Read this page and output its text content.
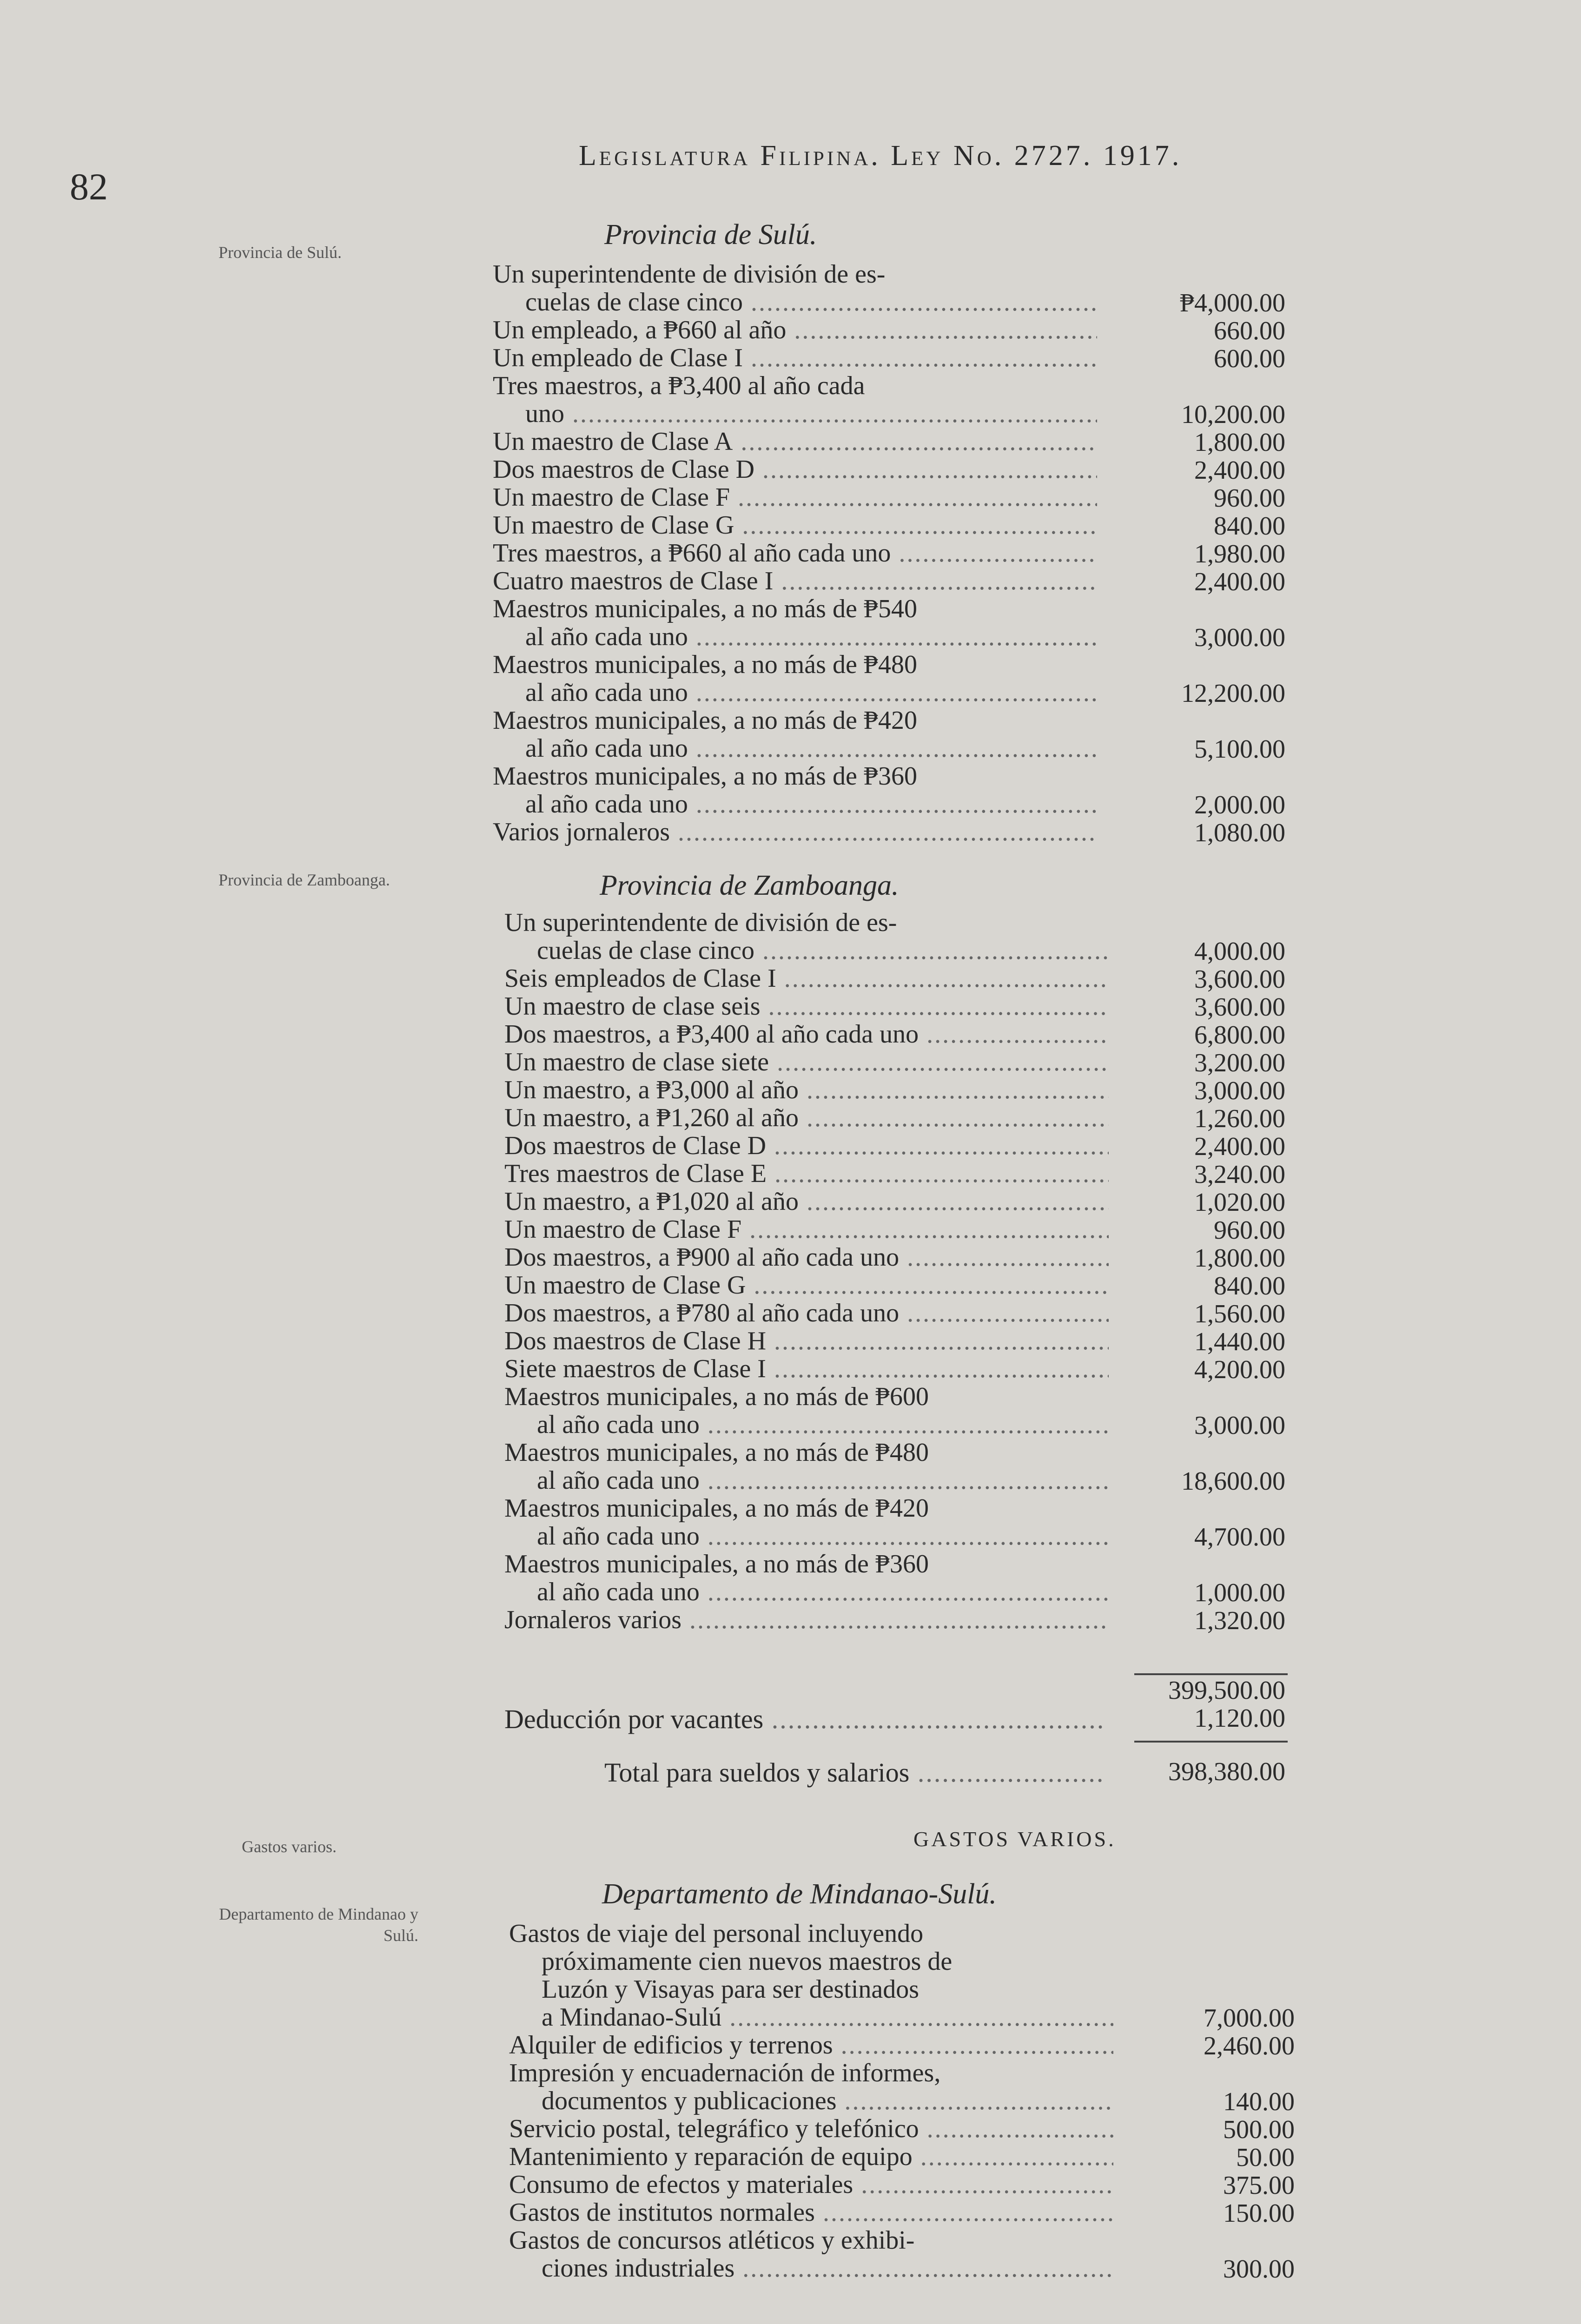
82
Legislatura Filipina. Ley No. 2727. 1917.
Provincia de Sulú.
Provincia de Zamboanga.
Gastos varios.
Departamento de Mindanao y Sulú.
Provincia de Sulú.
Provincia de Zamboanga.
GASTOS VARIOS.
Departamento de Mindanao-Sulú.
Un superintendente de división de es-
cuelas de clase cinco .....	₱4,000.00
Un empleado, a ₱660 al año .....	660.00
Un empleado de Clase I .....	600.00
Tres maestros, a ₱3,400 al año cada
uno .....	10,200.00
Un maestro de Clase A .....	1,800.00
Dos maestros de Clase D .....	2,400.00
Un maestro de Clase F .....	960.00
Un maestro de Clase G .....	840.00
Tres maestros, a ₱660 al año cada uno .....	1,980.00
Cuatro maestros de Clase I .....	2,400.00
Maestros municipales, a no más de ₱540
al año cada uno .....	3,000.00
Maestros municipales, a no más de ₱480
al año cada uno .....	12,200.00
Maestros municipales, a no más de ₱420
al año cada uno .....	5,100.00
Maestros municipales, a no más de ₱360
al año cada uno .....	2,000.00
Varios jornaleros .....	1,080.00
Un superintendente de división de es-
cuelas de clase cinco .....	4,000.00
Seis empleados de Clase I .....	3,600.00
Un maestro de clase seis .....	3,600.00
Dos maestros, a ₱3,400 al año cada uno .....	6,800.00
Un maestro de clase siete .....	3,200.00
Un maestro, a ₱3,000 al año .....	3,000.00
Un maestro, a ₱1,260 al año .....	1,260.00
Dos maestros de Clase D .....	2,400.00
Tres maestros de Clase E .....	3,240.00
Un maestro, a ₱1,020 al año .....	1,020.00
Un maestro de Clase F .....	960.00
Dos maestros, a ₱900 al año cada uno .....	1,800.00
Un maestro de Clase G .....	840.00
Dos maestros, a ₱780 al año cada uno .....	1,560.00
Dos maestros de Clase H .....	1,440.00
Siete maestros de Clase I .....	4,200.00
Maestros municipales, a no más de ₱600
al año cada uno .....	3,000.00
Maestros municipales, a no más de ₱480
al año cada uno .....	18,600.00
Maestros municipales, a no más de ₱420
al año cada uno .....	4,700.00
Maestros municipales, a no más de ₱360
al año cada uno .....	1,000.00
Jornaleros varios .....	1,320.00
399,500.00
Deducción por vacantes .....	1,120.00
Total para sueldos y salarios .....	398,380.00
Gastos de viaje del personal incluyendo
próximamente cien nuevos maestros de
Luzón y Visayas para ser destinados
a Mindanao-Sulú .....	7,000.00
Alquiler de edificios y terrenos .....	2,460.00
Impresión y encuadernación de informes,
documentos y publicaciones .....	140.00
Servicio postal, telegráfico y telefónico .....	500.00
Mantenimiento y reparación de equipo .....	50.00
Consumo de efectos y materiales .....	375.00
Gastos de institutos normales .....	150.00
Gastos de concursos atléticos y exhibi-
ciones industriales .....	300.00
